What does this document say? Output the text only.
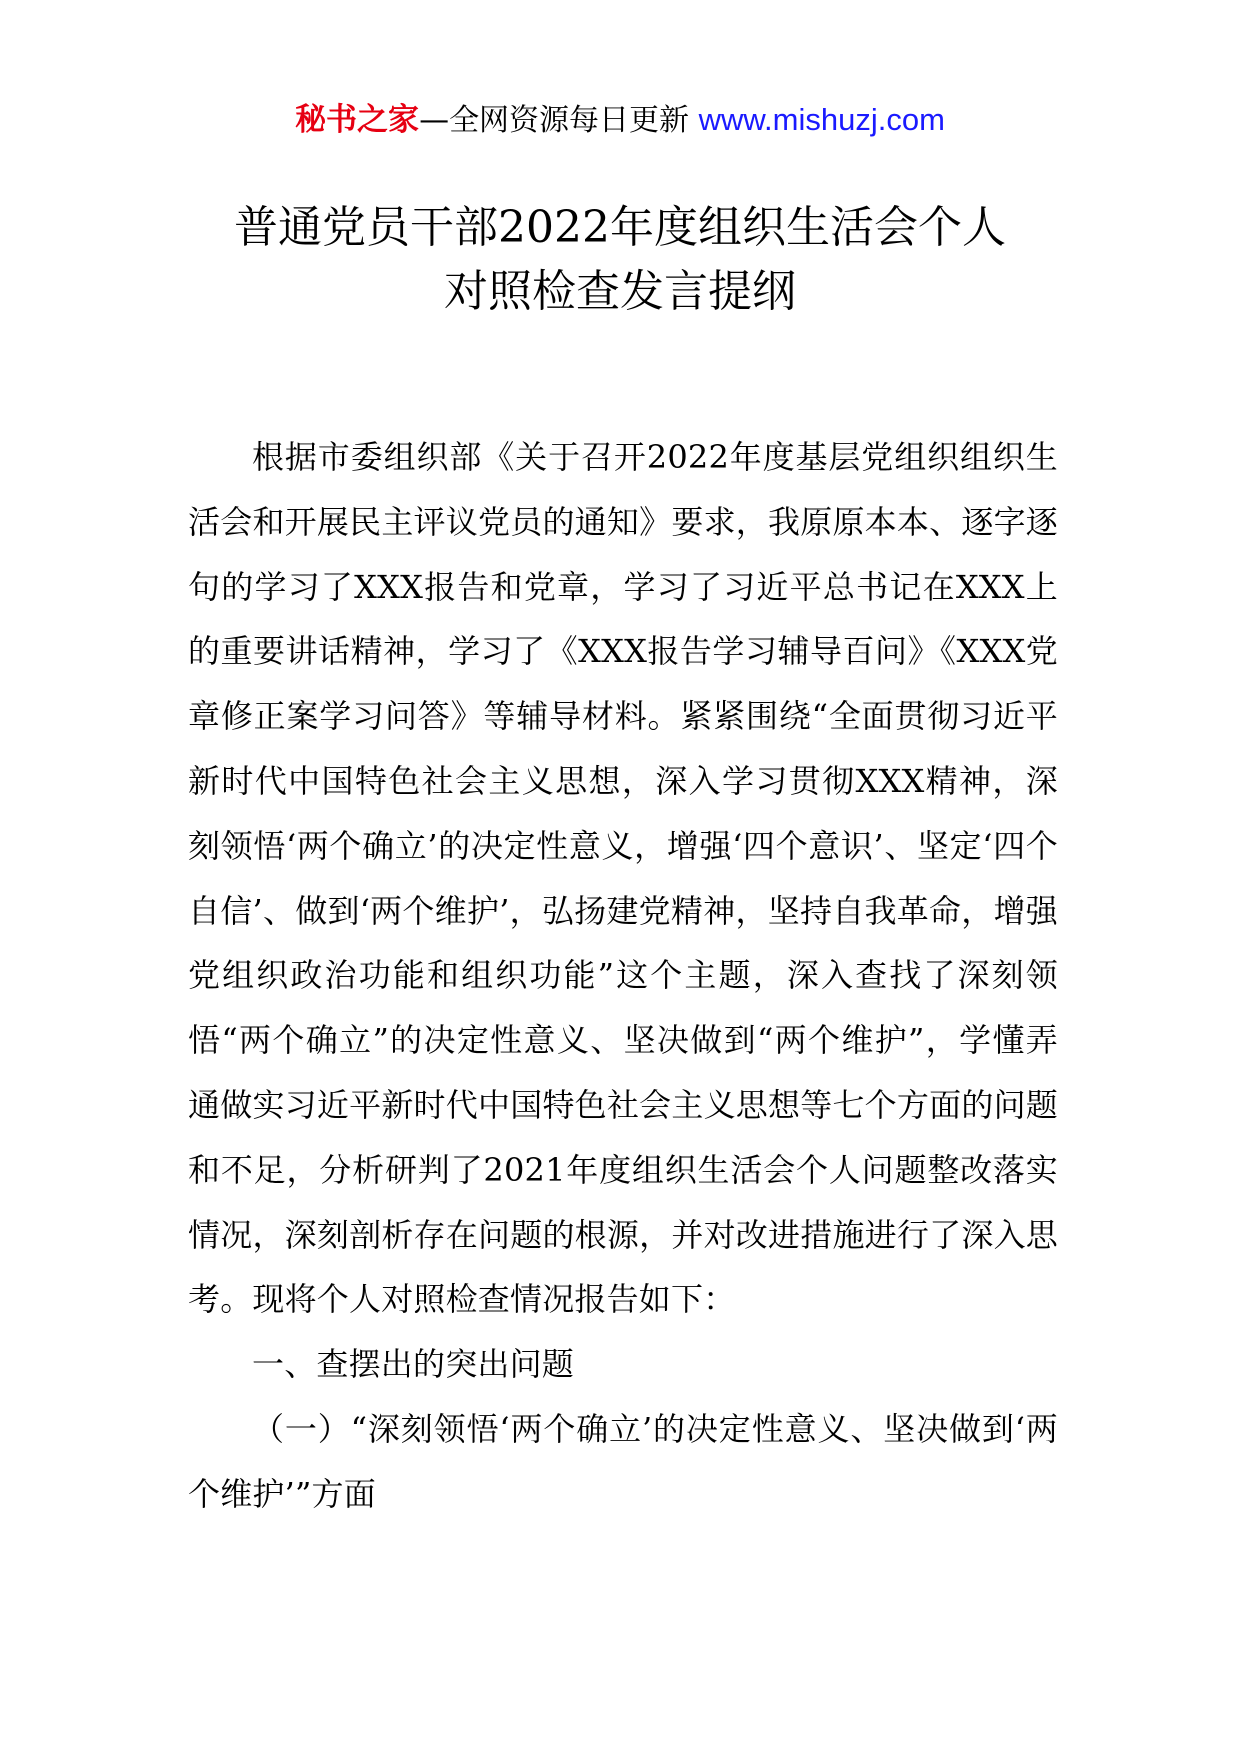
秘书之家—全网资源每日更新 www.mishuzj.com
普通党员干部2022年度组织生活会个人
对照检查发言提纲

根据市委组织部《关于召开2022年度基层党组织组织生活会和开展民主评议党员的通知》要求，我原原本本、逐字逐句的学习了XXX报告和党章，学习了习近平总书记在XXX上的重要讲话精神，学习了《XXX报告学习辅导百问》《XXX党章修正案学习问答》等辅导材料。紧紧围绕“全面贯彻习近平新时代中国特色社会主义思想，深入学习贯彻XXX精神，深刻领悟‘两个确立’的决定性意义，增强‘四个意识’、坚定‘四个自信’、做到‘两个维护’，弘扬建党精神，坚持自我革命，增强党组织政治功能和组织功能”这个主题，深入查找了深刻领悟“两个确立”的决定性意义、坚决做到“两个维护”，学懂弄通做实习近平新时代中国特色社会主义思想等七个方面的问题和不足，分析研判了2021年度组织生活会个人问题整改落实情况，深刻剖析存在问题的根源，并对改进措施进行了深入思考。现将个人对照检查情况报告如下：

一、查摆出的突出问题

（一）“深刻领悟‘两个确立’的决定性意义、坚决做到‘两个维护’”方面
